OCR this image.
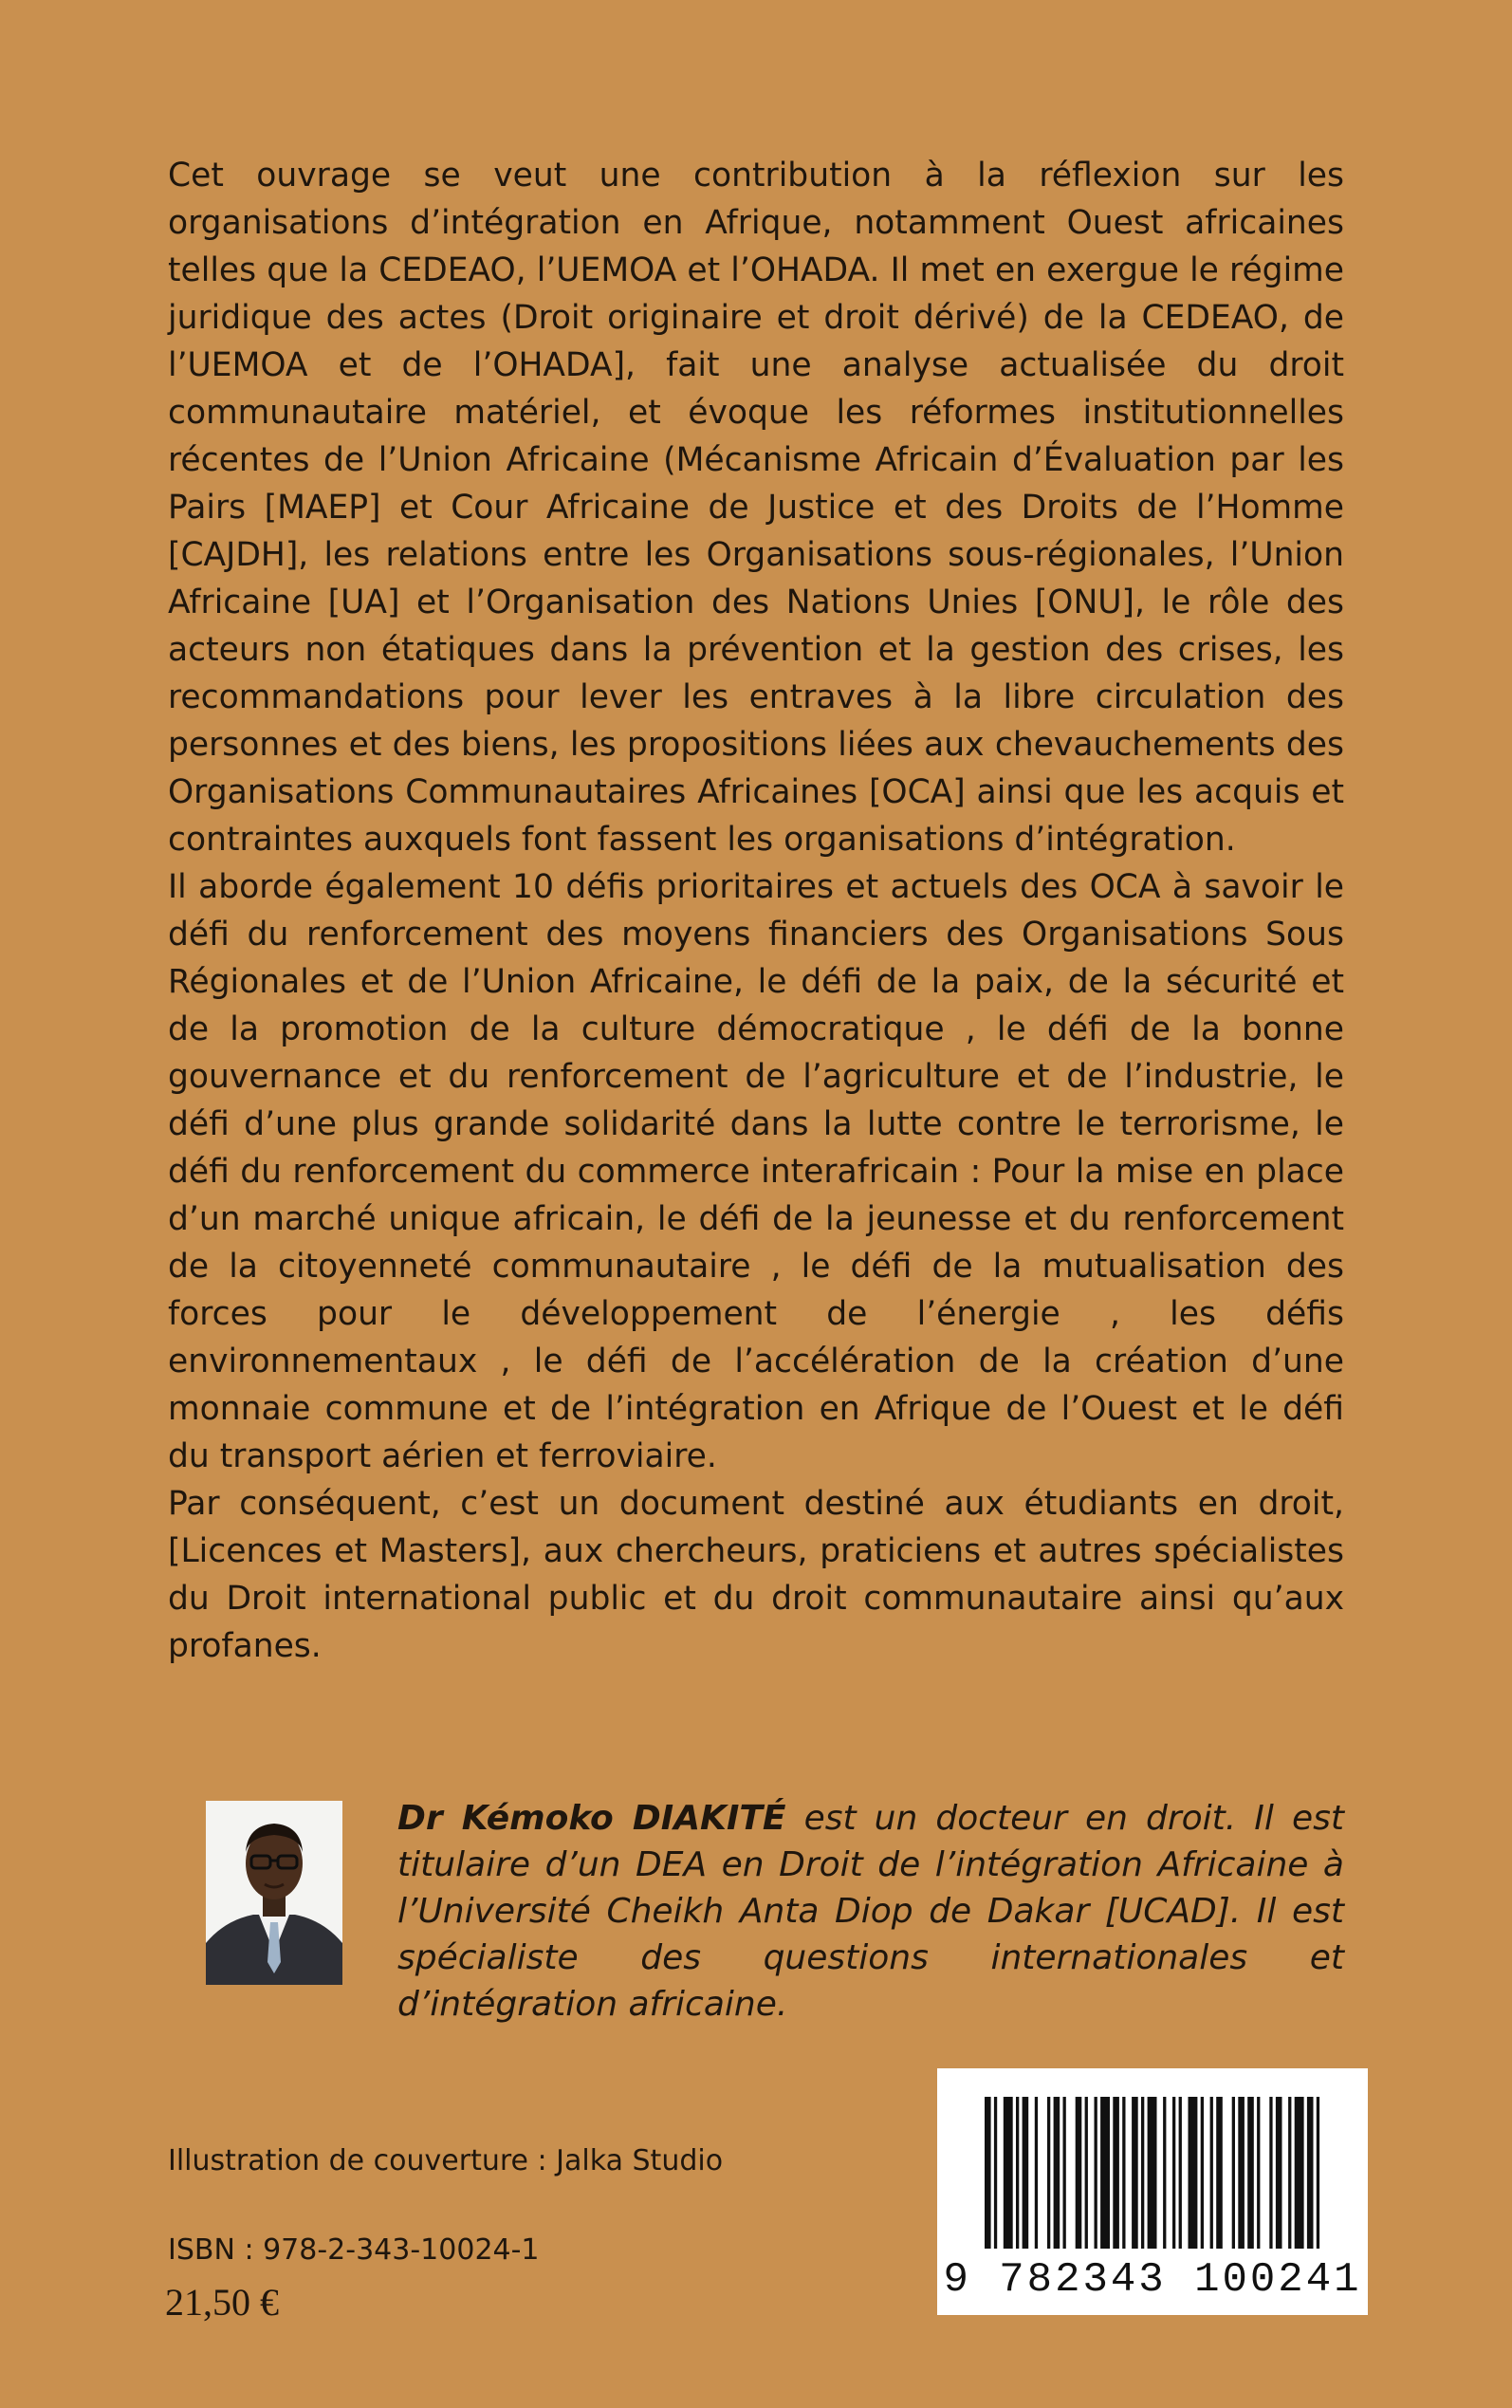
Cet ouvrage se veut une contribution à la réflexion sur les organisations d’intégration en Afrique, notamment Ouest africaines telles que la CEDEAO, l’UEMOA et l’OHADA. Il met en exergue le régime juridique des actes (Droit originaire et droit dérivé) de la CEDEAO, de l’UEMOA et de l’OHADA], fait une analyse actualisée du droit communautaire matériel, et évoque les réformes institutionnelles récentes de l’Union Africaine (Mécanisme Africain d’Évaluation par les Pairs [MAEP] et Cour Africaine de Justice et des Droits de l’Homme [CAJDH], les relations entre les Organisations sous-régionales, l’Union Africaine [UA] et l’Organisation des Nations Unies [ONU], le rôle des acteurs non étatiques dans la prévention et la gestion des crises, les recommandations pour lever les entraves à la libre circulation des personnes et des biens, les propositions liées aux chevauchements des Organisations Communautaires Africaines [OCA] ainsi que les acquis et contraintes auxquels font fassent les organisations d’intégration.

Il aborde également 10 défis prioritaires et actuels des OCA à savoir le défi du renforcement des moyens financiers des Organisations Sous Régionales et de l’Union Africaine, le défi de la paix, de la sécurité et de la promotion de la culture démocratique , le défi de la bonne gouvernance et du renforcement de l’agriculture et de l’industrie, le défi d’une plus grande solidarité dans la lutte contre le terrorisme, le défi du renforcement du commerce interafricain : Pour la mise en place d’un marché unique africain, le défi de la jeunesse et du renforcement de la citoyenneté communautaire , le défi de la mutualisation des forces pour le développement de l’énergie , les défis environnementaux , le défi de l’accélération de la création d’une monnaie commune et de l’intégration en Afrique de l’Ouest et le défi du transport aérien et ferroviaire.

Par conséquent, c’est un document destiné aux étudiants en droit, [Licences et Masters], aux chercheurs, praticiens et autres spécialistes du Droit international public et du droit communautaire ainsi qu’aux profanes.

Dr Kémoko DIAKITÉ est un docteur en droit. Il est titulaire d’un DEA en Droit de l’intégration Africaine à l’Université Cheikh Anta Diop de Dakar [UCAD]. Il est spécialiste des questions internationales et d’intégration africaine.

Illustration de couverture : Jalka Studio
ISBN : 978-2-343-10024-1
21,50 €	9 782343 100241
